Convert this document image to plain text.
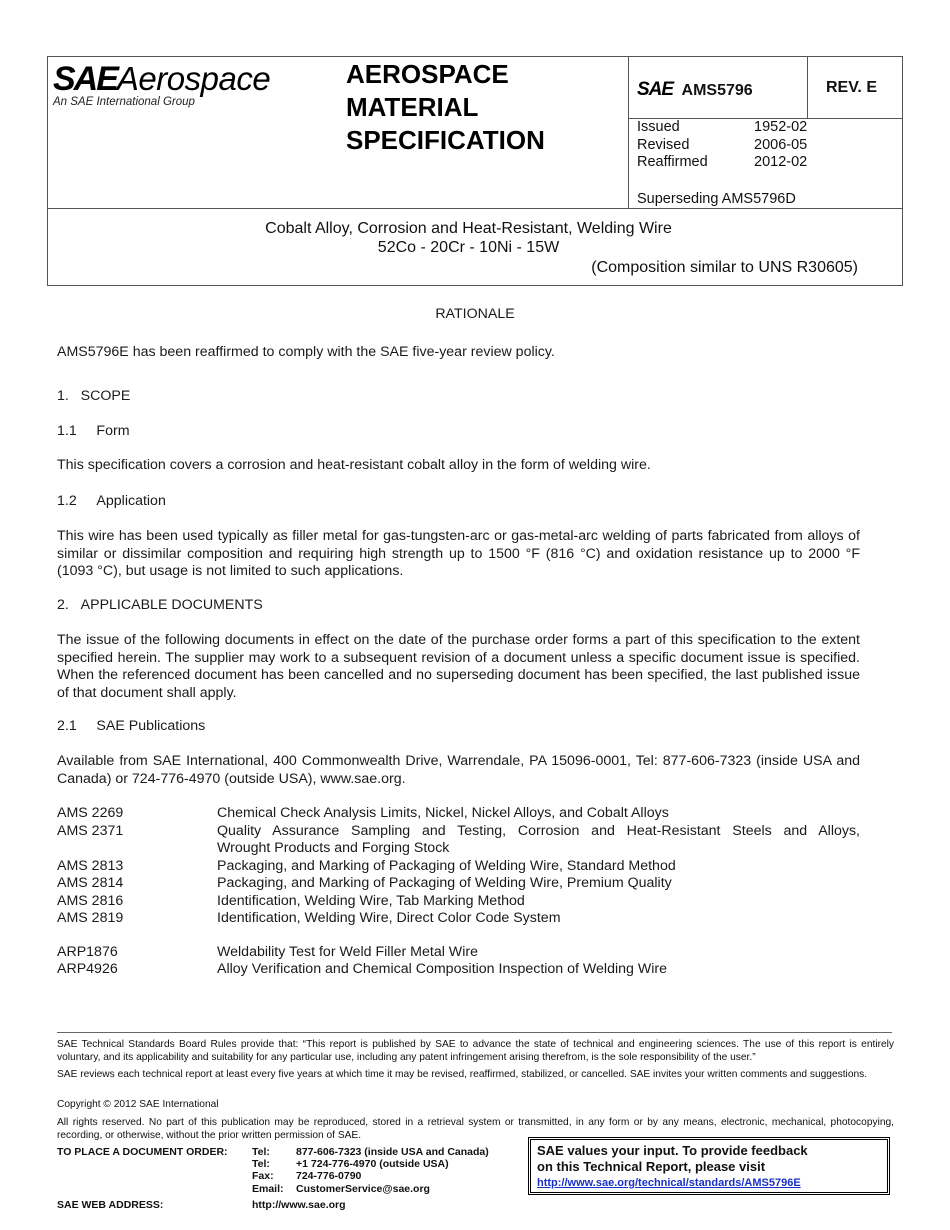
SAEAerospace
An SAE International Group
AEROSPACE
MATERIAL
SPECIFICATION
SAE AMS5796	REV. E
Issued	1952-02
Revised	2006-05
Reaffirmed	2012-02
Superseding AMS5796D
Cobalt Alloy, Corrosion and Heat-Resistant, Welding Wire
52Co - 20Cr - 10Ni - 15W
(Composition similar to UNS R30605)
RATIONALE
AMS5796E has been reaffirmed to comply with the SAE five-year review policy.
1.   SCOPE
1.1     Form
This specification covers a corrosion and heat-resistant cobalt alloy in the form of welding wire.
1.2     Application
This wire has been used typically as filler metal for gas-tungsten-arc or gas-metal-arc welding of parts fabricated from alloys of similar or dissimilar composition and requiring high strength up to 1500 °F (816 °C) and oxidation resistance up to 2000 °F (1093 °C), but usage is not limited to such applications.
2.   APPLICABLE DOCUMENTS
The issue of the following documents in effect on the date of the purchase order forms a part of this specification to the extent specified herein. The supplier may work to a subsequent revision of a document unless a specific document issue is specified. When the referenced document has been cancelled and no superseding document has been specified, the last published issue of that document shall apply.
2.1     SAE Publications
Available from SAE International, 400 Commonwealth Drive, Warrendale, PA 15096-0001, Tel: 877-606-7323 (inside USA and Canada) or 724-776-4970 (outside USA), www.sae.org.
AMS 2269	Chemical Check Analysis Limits, Nickel, Nickel Alloys, and Cobalt Alloys
AMS 2371	Quality Assurance Sampling and Testing, Corrosion and Heat-Resistant Steels and Alloys,
Wrought Products and Forging Stock
AMS 2813	Packaging, and Marking of Packaging of Welding Wire, Standard Method
AMS 2814	Packaging, and Marking of Packaging of Welding Wire, Premium Quality
AMS 2816	Identification, Welding Wire, Tab Marking Method
AMS 2819	Identification, Welding Wire, Direct Color Code System
ARP1876	Weldability Test for Weld Filler Metal Wire
ARP4926	Alloy Verification and Chemical Composition Inspection of Welding Wire
SAE Technical Standards Board Rules provide that: “This report is published by SAE to advance the state of technical and engineering sciences. The use of this report is entirely voluntary, and its applicability and suitability for any particular use, including any patent infringement arising therefrom, is the sole responsibility of the user.”
SAE reviews each technical report at least every five years at which time it may be revised, reaffirmed, stabilized, or cancelled. SAE invites your written comments and suggestions.
Copyright © 2012 SAE International
All rights reserved. No part of this publication may be reproduced, stored in a retrieval system or transmitted, in any form or by any means, electronic, mechanical, photocopying, recording, or otherwise, without the prior written permission of SAE.
TO PLACE A DOCUMENT ORDER: Tel:	877-606-7323 (inside USA and Canada)
Tel:	+1 724-776-4970 (outside USA)
Fax:	724-776-0790
Email:	CustomerService@sae.org
SAE WEB ADDRESS:	http://www.sae.org
SAE values your input. To provide feedback
on this Technical Report, please visit
http://www.sae.org/technical/standards/AMS5796E
